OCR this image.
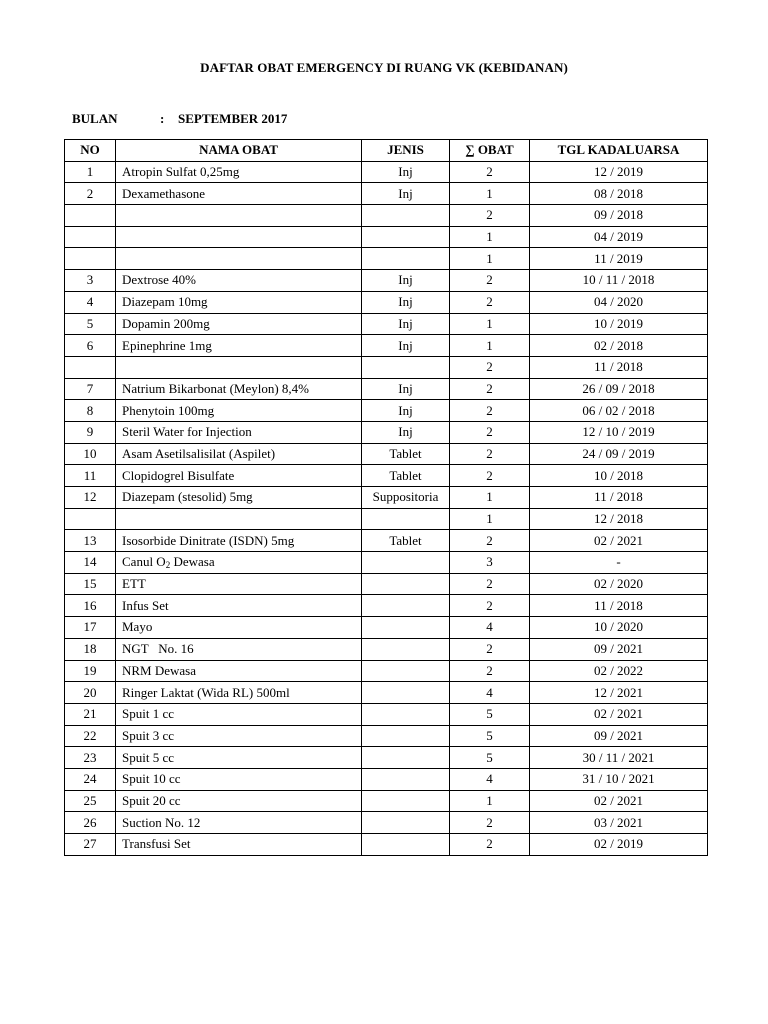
DAFTAR OBAT EMERGENCY DI RUANG VK (KEBIDANAN)
BULAN	: SEPTEMBER 2017
NO	NAMA OBAT	JENIS	∑ OBAT	TGL KADALUARSA
1	Atropin Sulfat 0,25mg	Inj	2	12 / 2019
2	Dexamethasone	Inj	1	08 / 2018
			2	09 / 2018
			1	04 / 2019
			1	11 / 2019
3	Dextrose 40%	Inj	2	10 / 11 / 2018
4	Diazepam 10mg	Inj	2	04 / 2020
5	Dopamin 200mg	Inj	1	10 / 2019
6	Epinephrine 1mg	Inj	1	02 / 2018
			2	11 / 2018
7	Natrium Bikarbonat (Meylon) 8,4%	Inj	2	26 / 09 / 2018
8	Phenytoin 100mg	Inj	2	06 / 02 / 2018
9	Steril Water for Injection	Inj	2	12 / 10 / 2019
10	Asam Asetilsalisilat (Aspilet)	Tablet	2	24 / 09 / 2019
11	Clopidogrel Bisulfate	Tablet	2	10 / 2018
12	Diazepam (stesolid) 5mg	Suppositoria	1	11 / 2018
			1	12 / 2018
13	Isosorbide Dinitrate (ISDN) 5mg	Tablet	2	02 / 2021
14	Canul $O_2$ Dewasa		3	-
15	ETT		2	02 / 2020
16	Infus Set		2	11 / 2018
17	Mayo		4	10 / 2020
18	NGT   No. 16		2	09 / 2021
19	NRM Dewasa		2	02 / 2022
20	Ringer Laktat (Wida RL) 500ml		4	12 / 2021
21	Spuit 1 cc		5	02 / 2021
22	Spuit 3 cc		5	09 / 2021
23	Spuit 5 cc		5	30 / 11 / 2021
24	Spuit 10 cc		4	31 / 10 / 2021
25	Spuit 20 cc		1	02 / 2021
26	Suction No. 12		2	03 / 2021
27	Transfusi Set		2	02 / 2019
